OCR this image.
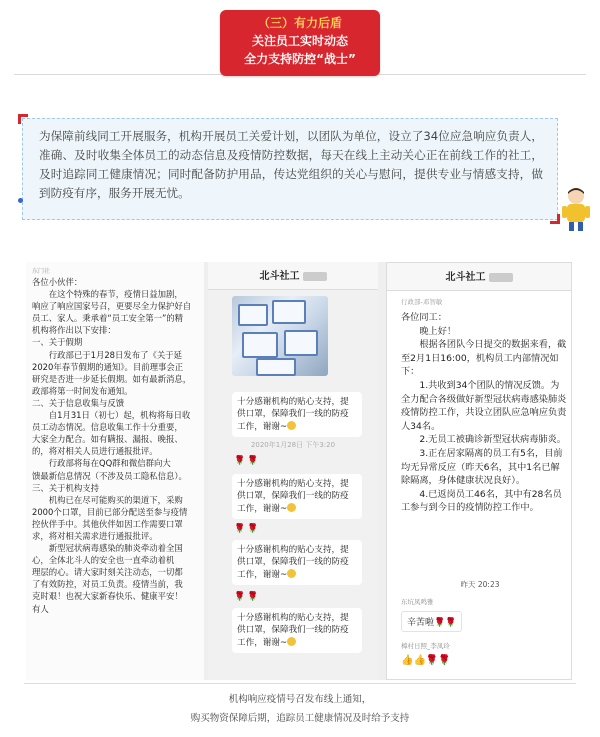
（三）有力后盾
关注员工实时动态
全力支持防控“战士”
为保障前线同工开展服务，机构开展员工关爱计划，以团队为单位，设立了34位应急响应负责人，准确、及时收集全体员工的动态信息及疫情防控数据，每天在线上主动关心正在前线工作的社工，及时追踪同工健康情况；同时配备防护用品，传达党组织的关心与慰问，提供专业与情感支持，做到防疫有序，服务开展无忧。
东门社

各位小伙伴：

　　在这个特殊的春节，疫情日益加剧，

响应了响应国家号召，更要尽全力保护好自

员工、家人。秉承着“员工安全第一”的精

机构将作出以下安排：

一、关于假期

　　行政部已于1月28日发布了《关于延

2020年春节假期的通知》。目前理事会正

研究是否进一步延长假期。如有最新消息，

政部将第一时间发布通知。

二、关于信息收集与反馈

　　自1月31日（初七）起，机构将每日收

员工动态情况。信息收集工作十分重要，

大家全力配合。如有瞒报、漏报、晚报、

的，将对相关人员进行通报批评。

　　行政部将每在QQ群和微信群向大

馈最新信息情况（不涉及员工隐私信息）。

三、关于机构支持

　　机构已在尽可能购买的渠道下，采购

2000个口罩，目前已部分配送至参与疫情

控伙伴手中。其他伙伴如因工作需要口罩

求，将对相关需求进行通报批评。

　　新型冠状病毒感染的肺炎牵动着全国

心，全体北斗人的安全也一直牵动着机

理层的心。请大家时刻关注动态，一切都

了有效防控，对员工负责。疫情当前，我

克时艰！也祝大家新春快乐、健康平安！

有人

北斗社工
十分感谢机构的贴心支持，提供口罩，保障我们一线的防疫工作，谢谢~
2020年1月28日 下午3:20
🌹🌹
十分感谢机构的贴心支持，提供口罩，保障我们一线的防疫工作，谢谢~
🌹🌹
十分感谢机构的贴心支持，提供口罩，保障我们一线的防疫工作，谢谢~
🌹🌹
十分感谢机构的贴心支持，提供口罩，保障我们一线的防疫工作，谢谢~
北斗社工
行政部-邓智敏

各位同工：

　　晚上好！

　　根据各团队今日提交的数据来看，截至2月1日16:00，机构员工内部情况如下：

　　1.共收到34个团队的情况反馈。为全力配合各级做好新型冠状病毒感染肺炎疫情防控工作，共设立团队应急响应负责人34名。

　　2.无员工被确诊新型冠状病毒肺炎。

　　3.正在居家隔离的员工有5名，目前均无异常反应（昨天6名，其中1名已解除隔离，身体健康状况良好）。

　　4.已返岗员工46名，其中有28名员工参与到今日的疫情防控工作中。

昨天 20:23
东坑凤鸣雅
辛苦啦🌹🌹
樟村日照_李凤玲
👍👍🌹🌹
机构响应疫情号召发布线上通知，
购买物资保障后期，追踪员工健康情况及时给予支持
